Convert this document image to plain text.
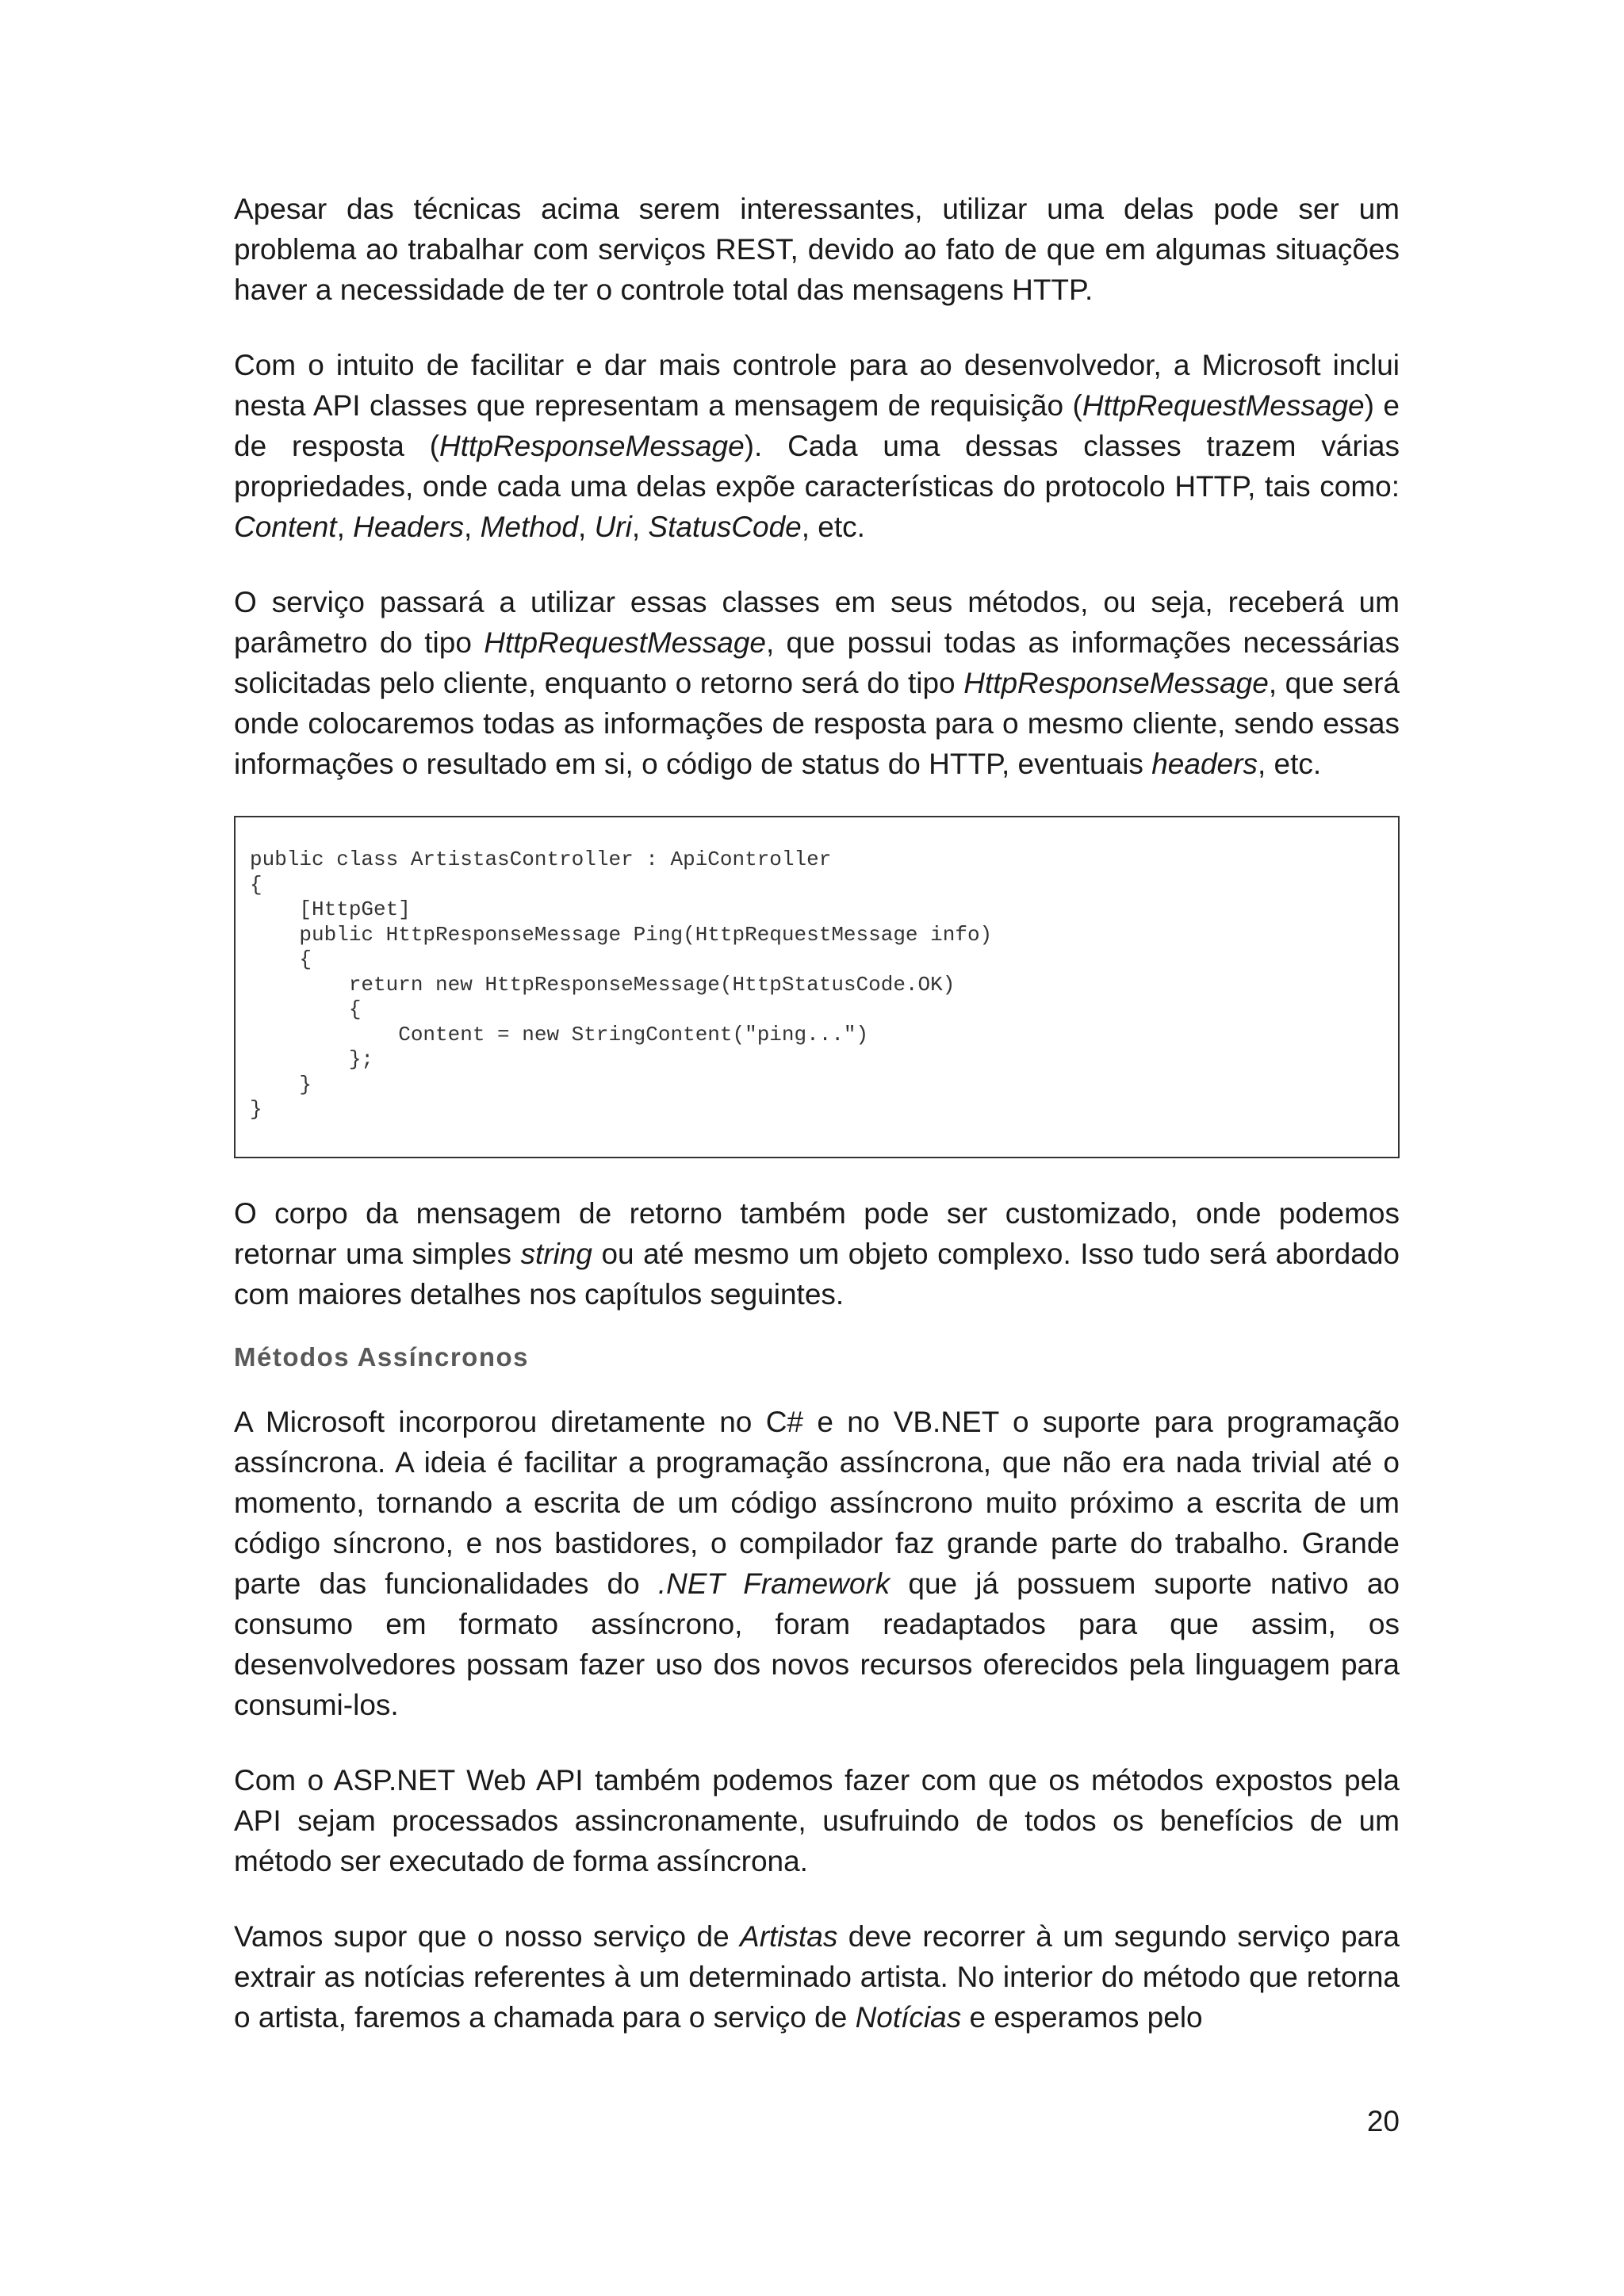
Apesar das técnicas acima serem interessantes, utilizar uma delas pode ser um problema ao trabalhar com serviços REST, devido ao fato de que em algumas situações haver a necessidade de ter o controle total das mensagens HTTP.

Com o intuito de facilitar e dar mais controle para ao desenvolvedor, a Microsoft inclui nesta API classes que representam a mensagem de requisição (HttpRequestMessage) e de resposta (HttpResponseMessage). Cada uma dessas classes trazem várias propriedades, onde cada uma delas expõe características do protocolo HTTP, tais como: Content, Headers, Method, Uri, StatusCode, etc.

O serviço passará a utilizar essas classes em seus métodos, ou seja, receberá um parâmetro do tipo HttpRequestMessage, que possui todas as informações necessárias solicitadas pelo cliente, enquanto o retorno será do tipo HttpResponseMessage, que será onde colocaremos todas as informações de resposta para o mesmo cliente, sendo essas informações o resultado em si, o código de status do HTTP, eventuais headers, etc.

public class ArtistasController : ApiController
{
[HttpGet]
public HttpResponseMessage Ping(HttpRequestMessage info)
{
return new HttpResponseMessage(HttpStatusCode.OK)
{
Content = new StringContent("ping...")
};
}
}

O corpo da mensagem de retorno também pode ser customizado, onde podemos retornar uma simples string ou até mesmo um objeto complexo. Isso tudo será abordado com maiores detalhes nos capítulos seguintes.

Métodos Assíncronos

A Microsoft incorporou diretamente no C# e no VB.NET o suporte para programação assíncrona. A ideia é facilitar a programação assíncrona, que não era nada trivial até o momento, tornando a escrita de um código assíncrono muito próximo a escrita de um código síncrono, e nos bastidores, o compilador faz grande parte do trabalho. Grande parte das funcionalidades do .NET Framework que já possuem suporte nativo ao consumo em formato assíncrono, foram readaptados para que assim, os desenvolvedores possam fazer uso dos novos recursos oferecidos pela linguagem para consumi-los.

Com o ASP.NET Web API também podemos fazer com que os métodos expostos pela API sejam processados assincronamente, usufruindo de todos os benefícios de um método ser executado de forma assíncrona.

Vamos supor que o nosso serviço de Artistas deve recorrer à um segundo serviço para extrair as notícias referentes à um determinado artista. No interior do método que retorna o artista, faremos a chamada para o serviço de Notícias e esperamos pelo

20
